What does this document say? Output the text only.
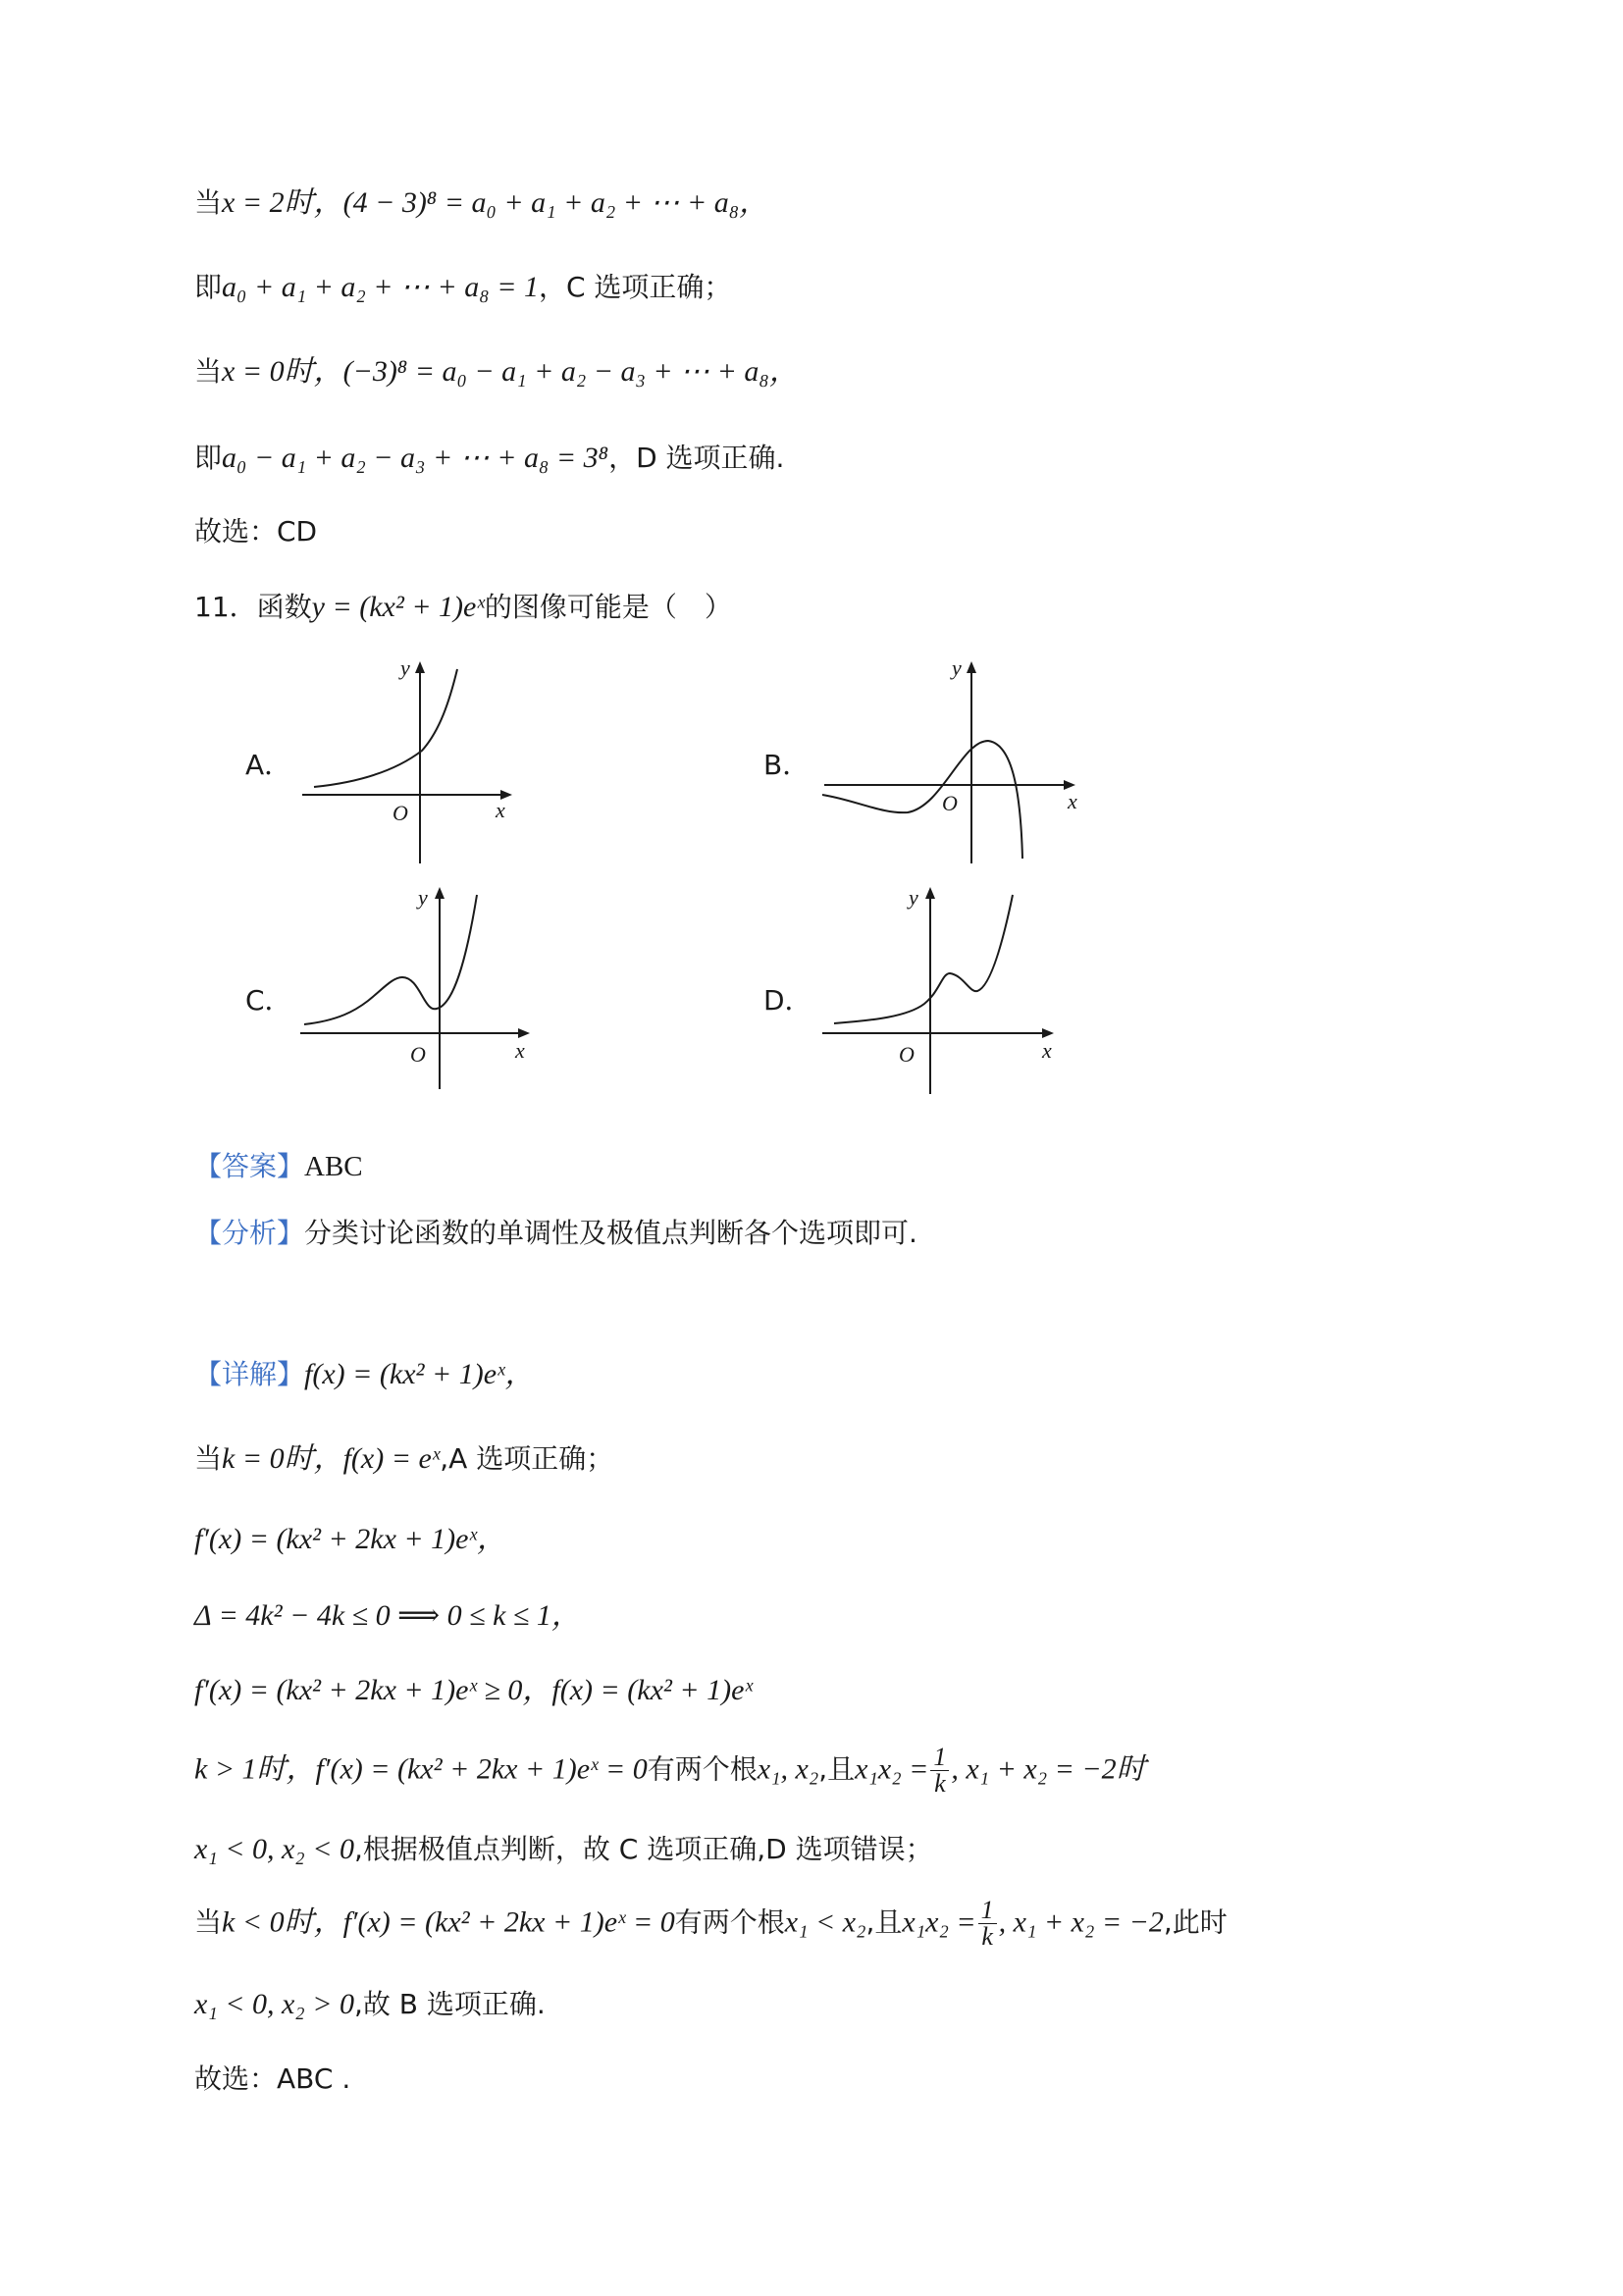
当x = 2时，(4 − 3)⁸ = a₀ + a₁ + a₂ + ⋯ + a₈，
即a₀ + a₁ + a₂ + ⋯ + a₈ = 1，C 选项正确；
当x = 0时，(−3)⁸ = a₀ − a₁ + a₂ − a₃ + ⋯ + a₈，
即a₀ − a₁ + a₂ − a₃ + ⋯ + a₈ = 3⁸，D 选项正确.
故选：CD
11．函数y = (kx² + 1)eˣ的图像可能是（　）
A．
y
x
O
B．
y
x
O
C．
y
x
O
D．
y
x
O
【答案】ABC
【分析】分类讨论函数的单调性及极值点判断各个选项即可.
【详解】f(x) = (kx² + 1)eˣ，
当k = 0时，f(x) = eˣ,A 选项正确；
f′(x) = (kx² + 2kx + 1)eˣ，
Δ = 4k² − 4k ≤ 0 ⟹ 0 ≤ k ≤ 1，
f′(x) = (kx² + 2kx + 1)eˣ ≥ 0，f(x) = (kx² + 1)eˣ
k > 1时，f′(x) = (kx² + 2kx + 1)eˣ = 0有两个根x₁, x₂,且$x_1x_2 = \frac{1}{k}$ , x₁ + x₂ = −2时
x₁ < 0, x₂ < 0,根据极值点判断，故 C 选项正确,D 选项错误；
当k < 0时，f′(x) = (kx² + 2kx + 1)eˣ = 0有两个根x₁ < x₂,且$x_1x_2 = \frac{1}{k}$ , x₁ + x₂ = −2,此时
x₁ < 0, x₂ > 0,故 B 选项正确.
故选：ABC .
